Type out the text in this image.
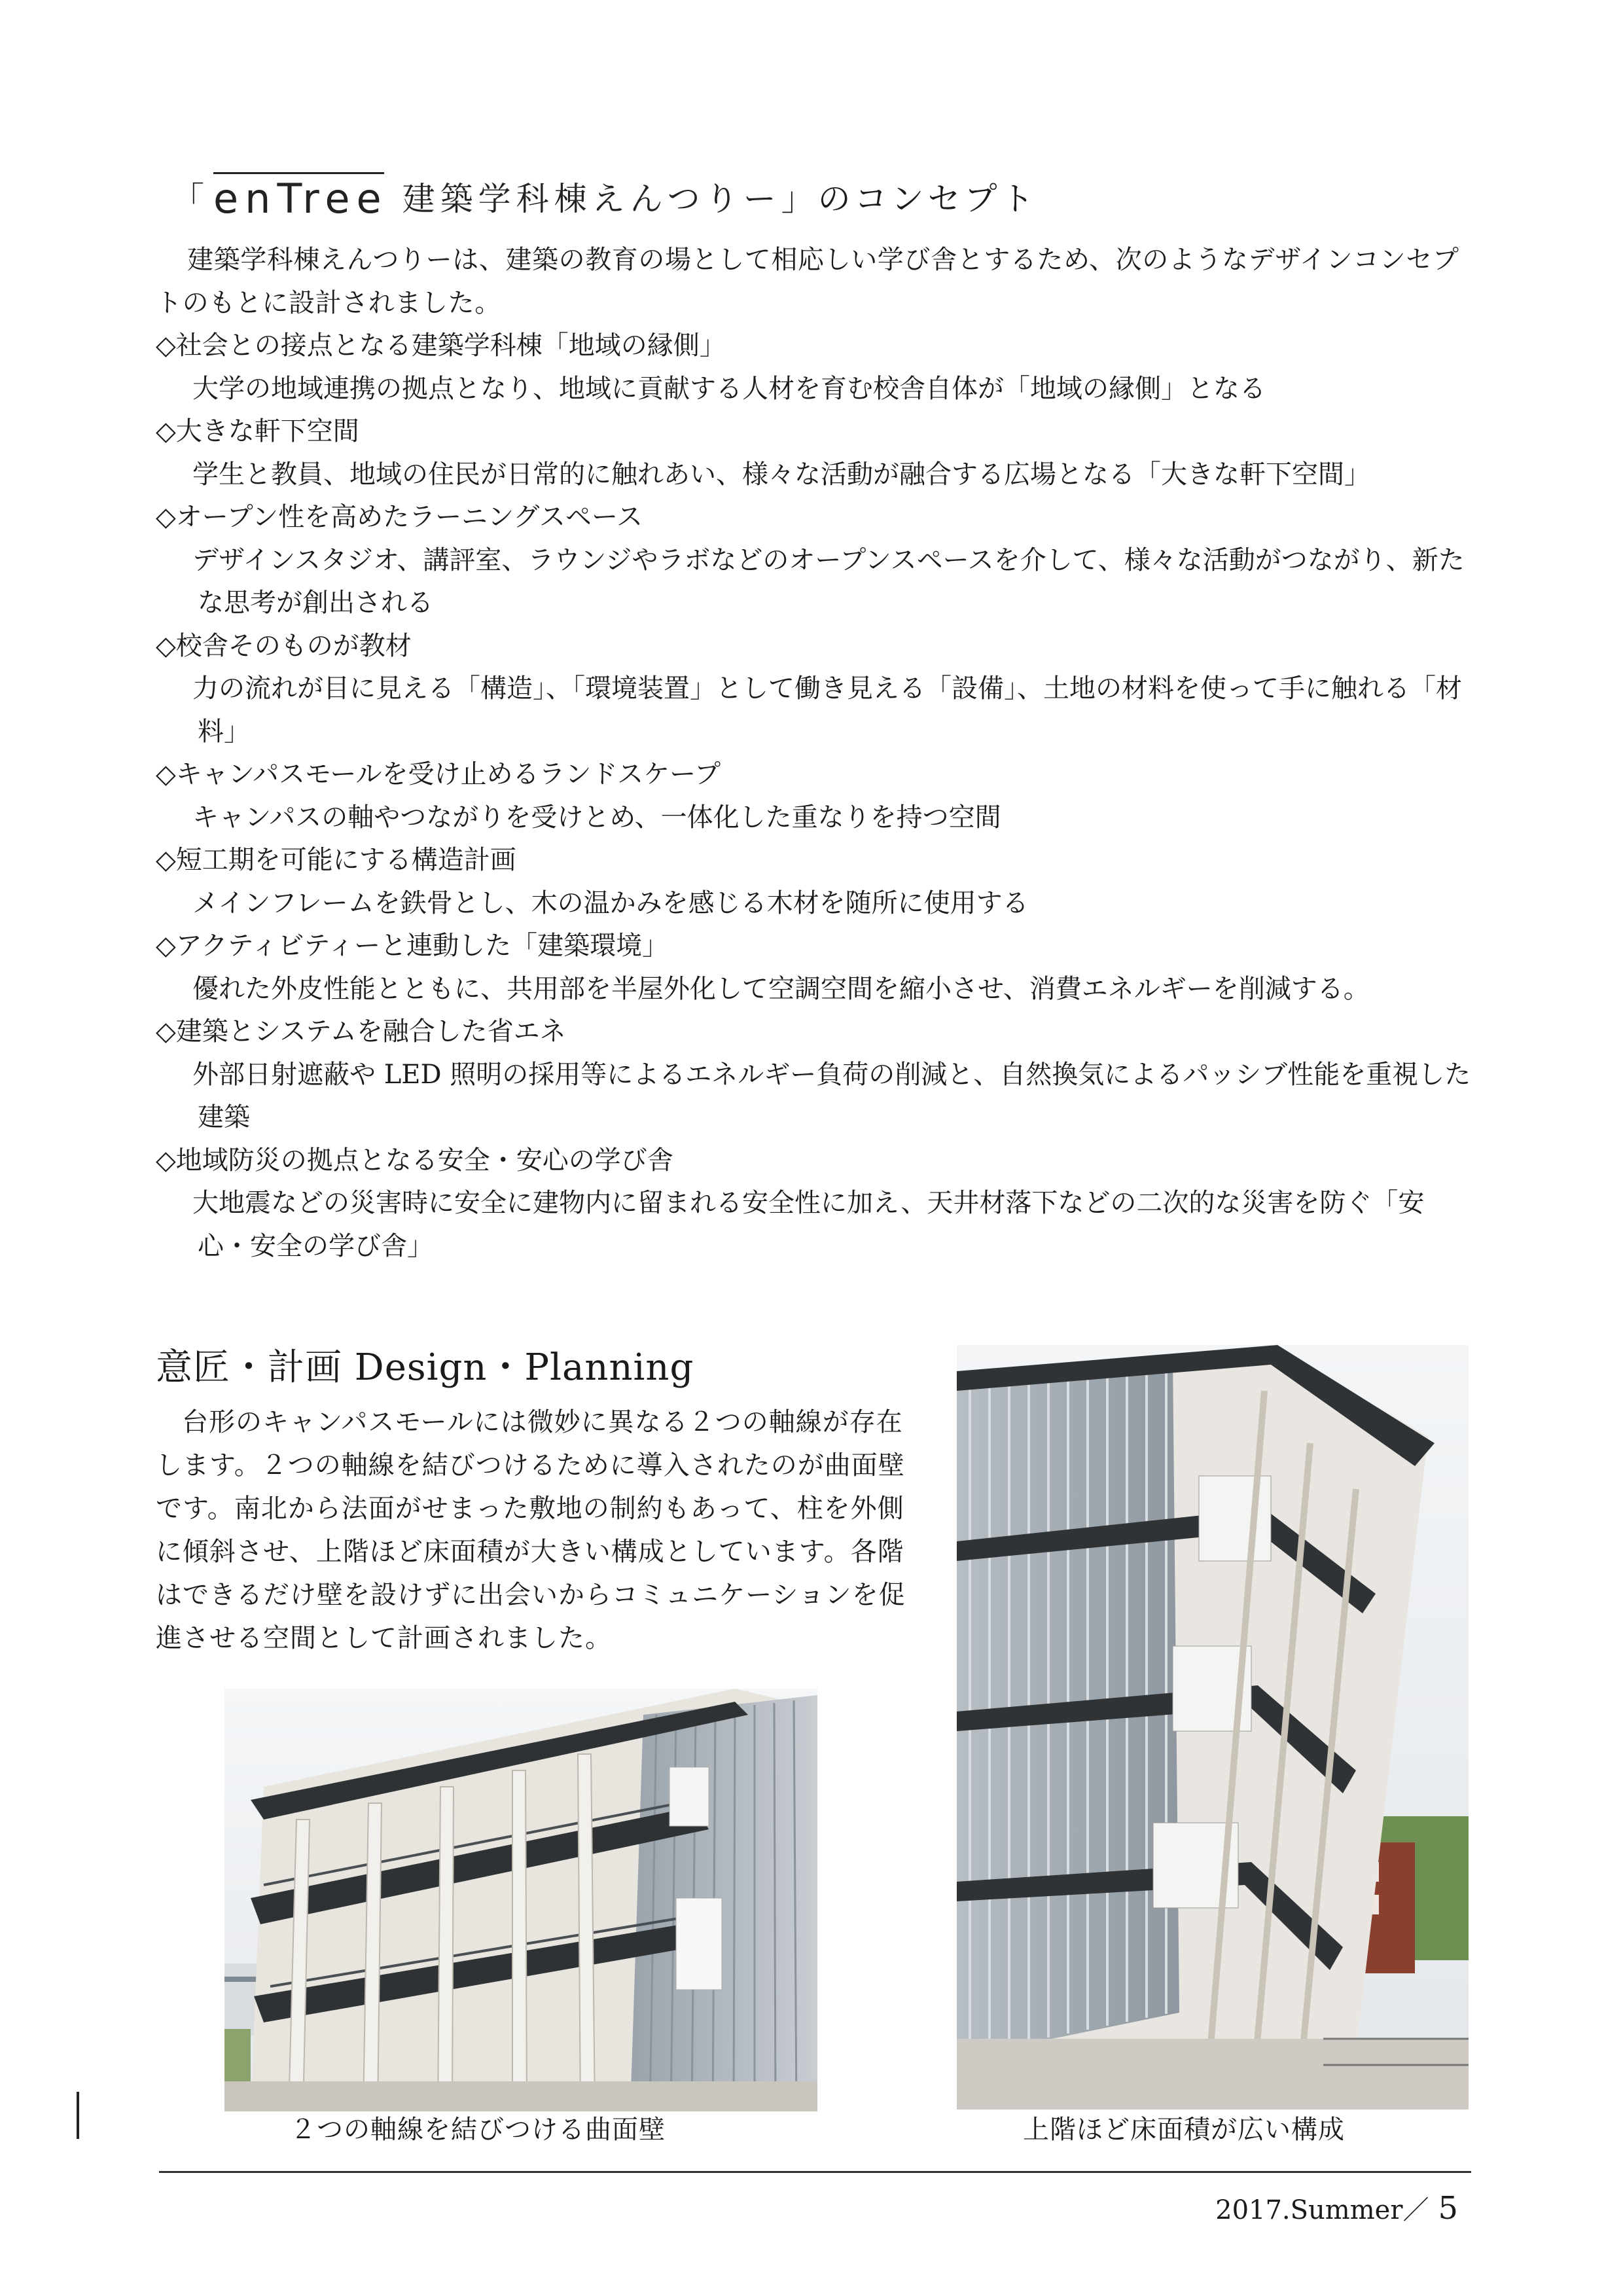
「 enTree 建築学科棟えんつりー 」のコンセプト

建築学科棟えんつりーは、建築の教育の場として相応しい学び舎とするため、次のようなデザインコンセプトのもとに設計されました。

◇社会との接点となる建築学科棟「地域の縁側」

大学の地域連携の拠点となり、地域に貢献する人材を育む校舎自体が「地域の縁側」となる

◇大きな軒下空間

学生と教員、地域の住民が日常的に触れあい、様々な活動が融合する広場となる「大きな軒下空間」

◇オープン性を高めたラーニングスペース

デザインスタジオ、講評室、ラウンジやラボなどのオープンスペースを介して、様々な活動がつながり、新たな思考が創出される

◇校舎そのものが教材

力の流れが目に見える「構造」、「環境装置」として働き見える「設備」、土地の材料を使って手に触れる「材料」

◇キャンパスモールを受け止めるランドスケープ

キャンパスの軸やつながりを受けとめ、一体化した重なりを持つ空間

◇短工期を可能にする構造計画

メインフレームを鉄骨とし、木の温かみを感じる木材を随所に使用する

◇アクティビティーと連動した「建築環境」

優れた外皮性能とともに、共用部を半屋外化して空調空間を縮小させ、消費エネルギーを削減する。

◇建築とシステムを融合した省エネ

外部日射遮蔽や LED 照明の採用等によるエネルギー負荷の削減と、自然換気によるパッシブ性能を重視した建築

◇地域防災の拠点となる安全・安心の学び舎

大地震などの災害時に安全に建物内に留まれる安全性に加え、天井材落下などの二次的な災害を防ぐ「安心・安全の学び舎」

意匠・計画 Design・Planning

台形のキャンパスモールには微妙に異なる２つの軸線が存在します。２つの軸線を結びつけるために導入されたのが曲面壁です。南北から法面がせまった敷地の制約もあって、柱を外側に傾斜させ、上階ほど床面積が大きい構成としています。各階はできるだけ壁を設けずに出会いからコミュニケーションを促進させる空間として計画されました。

２つの軸線を結びつける曲面壁	上階ほど床面積が広い構成
2017.Summer／ 5
